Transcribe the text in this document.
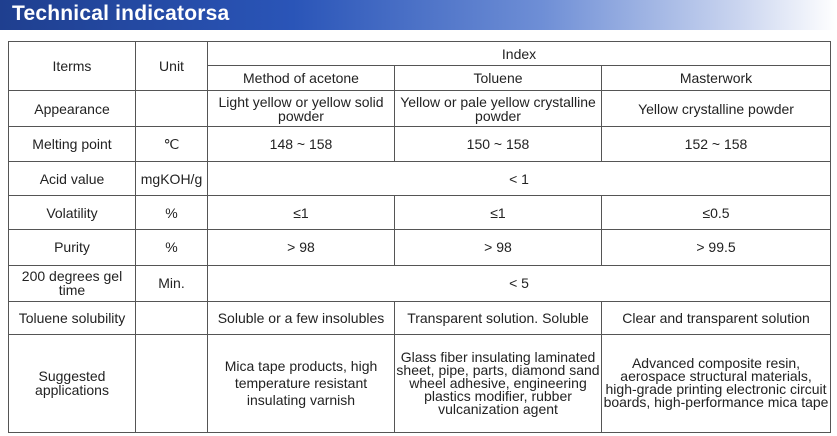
Technical indicatorsa
Iterms	Unit	Index		
		Method of acetone	Toluene	Masterwork
Appearance		Light yellow or yellow solid powder	Yellow or pale yellow crystalline powder	Yellow crystalline powder
Melting point	℃	148 ~ 158	150 ~ 158	152 ~ 158
Acid value	mgKOH/g	< 1		
Volatility	%	≤1	≤1	≤0.5
Purity	%	> 98	> 98	> 99.5
200 degrees gel time	Min.	< 5		
Toluene solubility		Soluble or a few insolubles	Transparent solution. Soluble	Clear and transparent solution
Suggested applications		Mica tape products, high temperature resistant insulating varnish	Glass fiber insulating laminated sheet, pipe, parts, diamond sand wheel adhesive, engineering plastics modifier, rubber vulcanization agent	Advanced composite resin, aerospace structural materials, high-grade printing electronic circuit boards, high-performance mica tape
